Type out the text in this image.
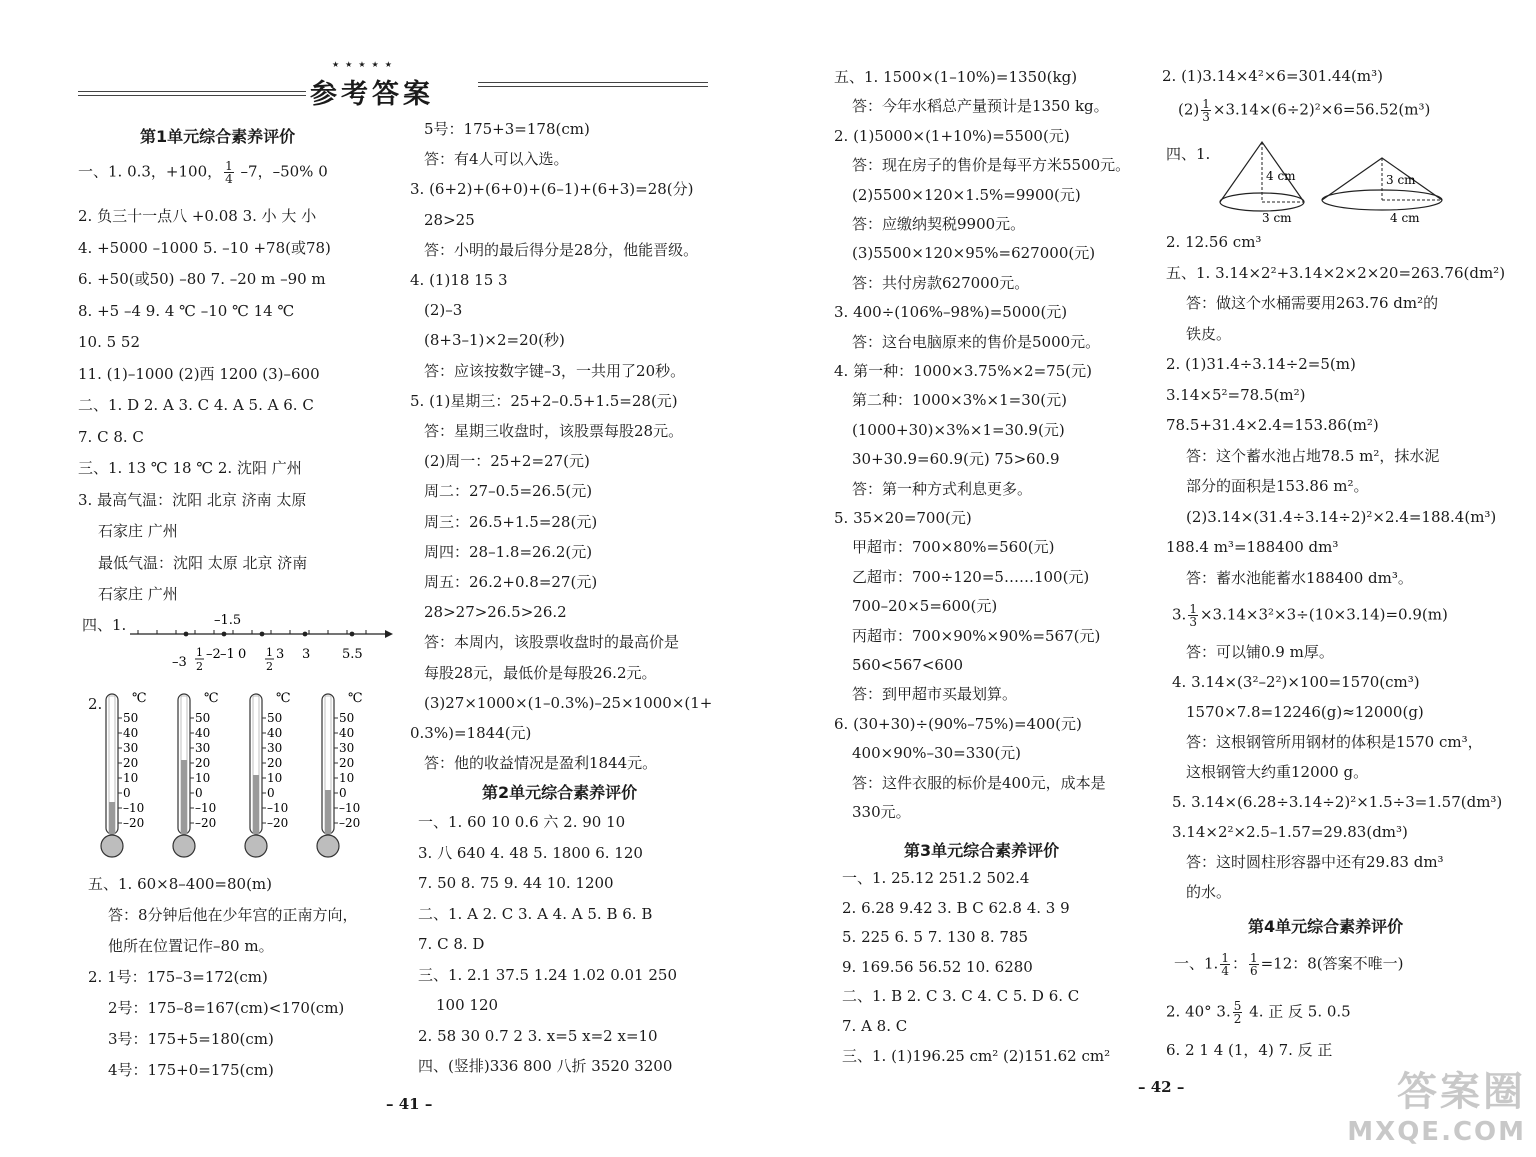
★★★★★
参考答案
第1单元综合素养评价
一、1. 0.3，+100， $\frac{1}{4} -7$，–50% 0
2. 负三十一点八 +0.08 3. 小 大 小
4. +5000 –1000 5. –10 +78(或78)
6. +50(或50) –80 7. –20 m –90 m
8. +5 –4 9. 4 ℃ –10 ℃ 14 ℃
10. 5 52
11. (1)–1000 (2)西 1200 (3)–600
二、1. D 2. A 3. C 4. A 5. A 6. C
7. C 8. C
三、1. 13 ℃ 18 ℃ 2. 沈阳 广州
3. 最高气温：沈阳 北京 济南 太原
石家庄 广州
最低气温：沈阳 太原 北京 济南
石家庄 广州
四、1.	–1.5
–3
1
2
–2 –1 0 1 3
2
3 5.5
2. ℃
50
40
30
20
10
0
–10
–20
℃
50
40
30
20
10
0
–10
–20
℃
50
40
30
20
10
0
–10
–20
℃
50
40
30
20
10
0
–10
–20
五、1. 60×8–400=80(m)
答：8分钟后他在少年宫的正南方向，
他所在位置记作–80 m。
2. 1号：175–3=172(cm)
2号：175–8=167(cm)<170(cm)
3号：175+5=180(cm)
4号：175+0=175(cm)
5号：175+3=178(cm)
答：有4人可以入选。
3. (6+2)+(6+0)+(6–1)+(6+3)=28(分)
28>25
答：小明的最后得分是28分，他能晋级。
4. (1)18 15 3
(2)–3
(8+3–1)×2=20(秒)
答：应该按数字键–3，一共用了20秒。
5. (1)星期三：25+2–0.5+1.5=28(元)
答：星期三收盘时，该股票每股28元。
(2)周一：25+2=27(元)
周二：27–0.5=26.5(元)
周三：26.5+1.5=28(元)
周四：28–1.8=26.2(元)
周五：26.2+0.8=27(元)
28>27>26.5>26.2
答：本周内，该股票收盘时的最高价是
每股28元，最低价是每股26.2元。
(3)27×1000×(1–0.3%)–25×1000×(1+
0.3%)=1844(元)
答：他的收益情况是盈利1844元。
第2单元综合素养评价
一、1. 60 10 0.6 六 2. 90 10
3. 八 640 4. 48 5. 1800 6. 120
7. 50 8. 75 9. 44 10. 1200
二、1. A 2. C 3. A 4. A 5. B 6. B
7. C 8. D
三、1. 2.1 37.5 1.24 1.02 0.01 250
100 120
2. 58 30 0.7 2 3. x=5 x=2 x=10
四、(竖排)336 800 八折 3520 3200
– 41 –
五、1. 1500×(1–10%)=1350(kg)
答：今年水稻总产量预计是1350 kg。
2. (1)5000×(1+10%)=5500(元)
答：现在房子的售价是每平方米5500元。
(2)5500×120×1.5%=9900(元)
答：应缴纳契税9900元。
(3)5500×120×95%=627000(元)
答：共付房款627000元。
3. 400÷(106%–98%)=5000(元)
答：这台电脑原来的售价是5000元。
4. 第一种：1000×3.75%×2=75(元)
第二种：1000×3%×1=30(元)
(1000+30)×3%×1=30.9(元)
30+30.9=60.9(元) 75>60.9
答：第一种方式利息更多。
5. 35×20=700(元)
甲超市：700×80%=560(元)
乙超市：700÷120=5……100(元)
700–20×5=600(元)
丙超市：700×90%×90%=567(元)
560<567<600
答：到甲超市买最划算。
6. (30+30)÷(90%–75%)=400(元)
400×90%–30=330(元)
答：这件衣服的标价是400元，成本是
330元。
第3单元综合素养评价
一、1. 25.12 251.2 502.4
2. 6.28 9.42 3. B C 62.8 4. 3 9
5. 225 6. 5 7. 130 8. 785
9. 169.56 56.52 10. 6280
二、1. B 2. C 3. C 4. C 5. D 6. C
7. A 8. C
三、1. (1)196.25 cm² (2)151.62 cm²
– 42 –
2. (1)3.14×4²×6=301.44(m³)
$(2) \frac{1}{3} \times 3.14\times(6\div 2)^2\times 6=56.52(m^3)$
四、1.
4 cm
3 cm
3 cm
4 cm
2. 12.56 cm³
五、1. 3.14×2²+3.14×2×2×20=263.76(dm²)
答：做这个水桶需要用263.76 dm²的
铁皮。
2. (1)31.4÷3.14÷2=5(m)
3.14×5²=78.5(m²)
78.5+31.4×2.4=153.86(m²)
答：这个蓄水池占地78.5 m²，抹水泥
部分的面积是153.86 m²。
(2)3.14×(31.4÷3.14÷2)²×2.4=188.4(m³)
188.4 m³=188400 dm³
答：蓄水池能蓄水188400 dm³。
3. $\frac{1}{3} \times 3.14\times 3^2\times 3\div(10\times 3.14)=0.9(m)$
答：可以铺0.9 m厚。
4. 3.14×(3²–2²)×100=1570(cm³)
1570×7.8=12246(g)≈12000(g)
答：这根钢管所用钢材的体积是1570 cm³，
这根钢管大约重12000 g。
5. 3.14×(6.28÷3.14÷2)²×1.5÷3=1.57(dm³)
3.14×2²×2.5–1.57=29.83(dm³)
答：这时圆柱形容器中还有29.83 dm³
的水。
第4单元综合素养评价
一、1. $\frac{1}{4}$ ： $\frac{1}{6} =12$：8(答案不唯一)
2. 40° 3. $\frac{5}{2} 4$. 正 反 5. 0.5
6. 2 1 4 (1，4) 7. 反 正
答案圈
MXQE.COM
